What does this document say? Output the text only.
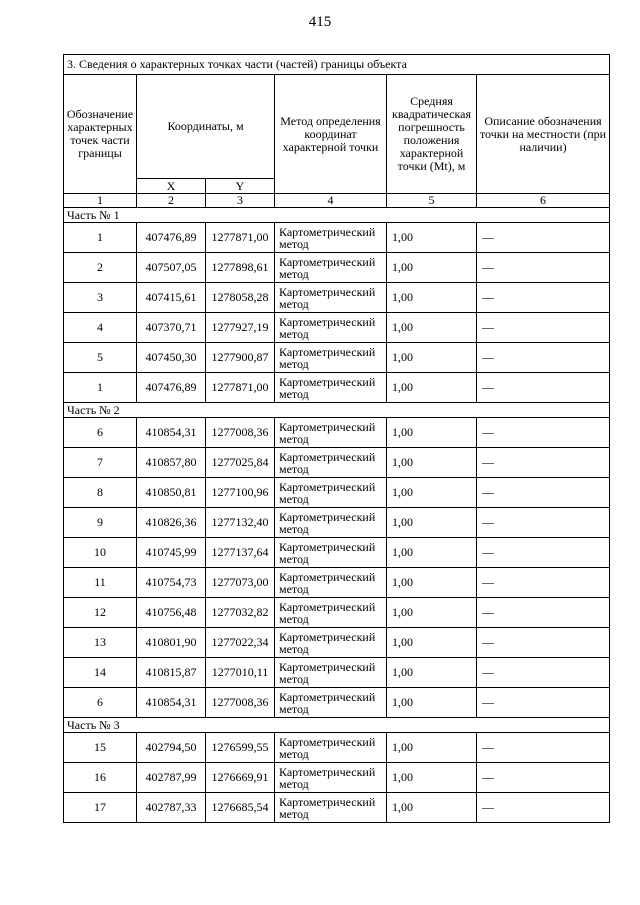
415
3. Сведения о характерных точках части (частей) границы объекта					
Обозначение характерных точек части границы	Координаты, м		Метод определения координат характерной точки	Средняя квадратическая погрешность положения характерной точки (Mt), м	Описание обозначения точки на местности (при наличии)
	X	Y			
1	2	3	4	5	6
Часть № 1					
1	407476,89	1277871,00	Картометрический метод	1,00	—
2	407507,05	1277898,61	Картометрический метод	1,00	—
3	407415,61	1278058,28	Картометрический метод	1,00	—
4	407370,71	1277927,19	Картометрический метод	1,00	—
5	407450,30	1277900,87	Картометрический метод	1,00	—
1	407476,89	1277871,00	Картометрический метод	1,00	—
Часть № 2					
6	410854,31	1277008,36	Картометрический метод	1,00	—
7	410857,80	1277025,84	Картометрический метод	1,00	—
8	410850,81	1277100,96	Картометрический метод	1,00	—
9	410826,36	1277132,40	Картометрический метод	1,00	—
10	410745,99	1277137,64	Картометрический метод	1,00	—
11	410754,73	1277073,00	Картометрический метод	1,00	—
12	410756,48	1277032,82	Картометрический метод	1,00	—
13	410801,90	1277022,34	Картометрический метод	1,00	—
14	410815,87	1277010,11	Картометрический метод	1,00	—
6	410854,31	1277008,36	Картометрический метод	1,00	—
Часть № 3					
15	402794,50	1276599,55	Картометрический метод	1,00	—
16	402787,99	1276669,91	Картометрический метод	1,00	—
17	402787,33	1276685,54	Картометрический метод	1,00	—
